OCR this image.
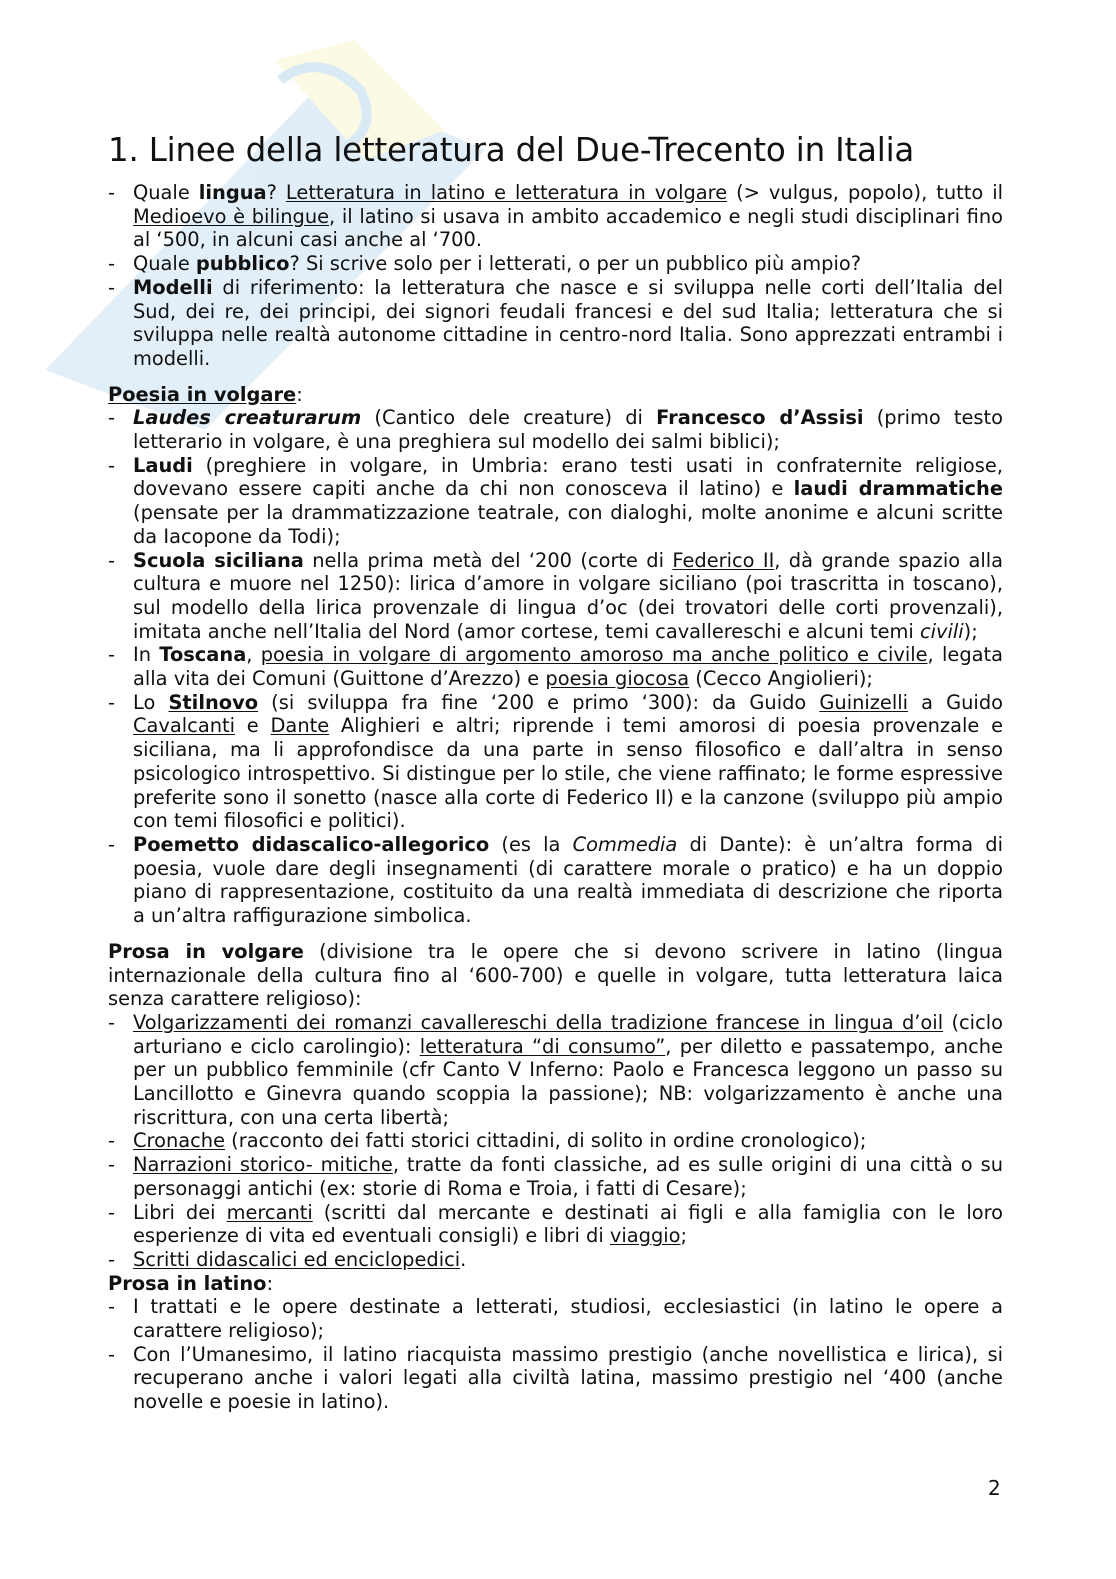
1. Linee della letteratura del Due-Trecento in Italia
- Quale lingua? Letteratura in latino e letteratura in volgare (> vulgus, popolo), tutto il Medioevo è bilingue, il latino si usava in ambito accademico e negli studi disciplinari fino al ‘500, in alcuni casi anche al ‘700.
- Quale pubblico? Si scrive solo per i letterati, o per un pubblico più ampio?
- Modelli di riferimento: la letteratura che nasce e si sviluppa nelle corti dell’Italia del Sud, dei re, dei principi, dei signori feudali francesi e del sud Italia; letteratura che si sviluppa nelle realtà autonome cittadine in centro-nord Italia. Sono apprezzati entrambi i modelli.

Poesia in volgare:

- Laudes creaturarum (Cantico dele creature) di Francesco d’Assisi (primo testo letterario in volgare, è una preghiera sul modello dei salmi biblici);
- Laudi (preghiere in volgare, in Umbria: erano testi usati in confraternite religiose, dovevano essere capiti anche da chi non conosceva il latino) e laudi drammatiche (pensate per la drammatizzazione teatrale, con dialoghi, molte anonime e alcuni scritte da Iacopone da Todi);
- Scuola siciliana nella prima metà del ‘200 (corte di Federico II, dà grande spazio alla cultura e muore nel 1250): lirica d’amore in volgare siciliano (poi trascritta in toscano), sul modello della lirica provenzale di lingua d’oc (dei trovatori delle corti provenzali), imitata anche nell’Italia del Nord (amor cortese, temi cavallereschi e alcuni temi civili);
- In Toscana, poesia in volgare di argomento amoroso ma anche politico e civile, legata alla vita dei Comuni (Guittone d’Arezzo) e poesia giocosa (Cecco Angiolieri);
- Lo Stilnovo (si sviluppa fra fine ‘200 e primo ‘300): da Guido Guinizelli a Guido Cavalcanti e Dante Alighieri e altri; riprende i temi amorosi di poesia provenzale e siciliana, ma li approfondisce da una parte in senso filosofico e dall’altra in senso psicologico introspettivo. Si distingue per lo stile, che viene raffinato; le forme espressive preferite sono il sonetto (nasce alla corte di Federico II) e la canzone (sviluppo più ampio con temi filosofici e politici).
- Poemetto didascalico-allegorico (es la Commedia di Dante): è un’altra forma di poesia, vuole dare degli insegnamenti (di carattere morale o pratico) e ha un doppio piano di rappresentazione, costituito da una realtà immediata di descrizione che riporta a un’altra raffigurazione simbolica.

Prosa in volgare (divisione tra le opere che si devono scrivere in latino (lingua internazionale della cultura fino al ‘600-700) e quelle in volgare, tutta letteratura laica senza carattere religioso):

- Volgarizzamenti dei romanzi cavallereschi della tradizione francese in lingua d’oil (ciclo arturiano e ciclo carolingio): letteratura “di consumo”, per diletto e passatempo, anche per un pubblico femminile (cfr Canto V Inferno: Paolo e Francesca leggono un passo su Lancillotto e Ginevra quando scoppia la passione); NB: volgarizzamento è anche una riscrittura, con una certa libertà;
- Cronache (racconto dei fatti storici cittadini, di solito in ordine cronologico);
- Narrazioni storico- mitiche, tratte da fonti classiche, ad es sulle origini di una città o su personaggi antichi (ex: storie di Roma e Troia, i fatti di Cesare);
- Libri dei mercanti (scritti dal mercante e destinati ai figli e alla famiglia con le loro esperienze di vita ed eventuali consigli) e libri di viaggio;
- Scritti didascalici ed enciclopedici.

Prosa in latino:

- I trattati e le opere destinate a letterati, studiosi, ecclesiastici (in latino le opere a carattere religioso);
- Con l’Umanesimo, il latino riacquista massimo prestigio (anche novellistica e lirica), si recuperano anche i valori legati alla civiltà latina, massimo prestigio nel ‘400 (anche novelle e poesie in latino).
2
